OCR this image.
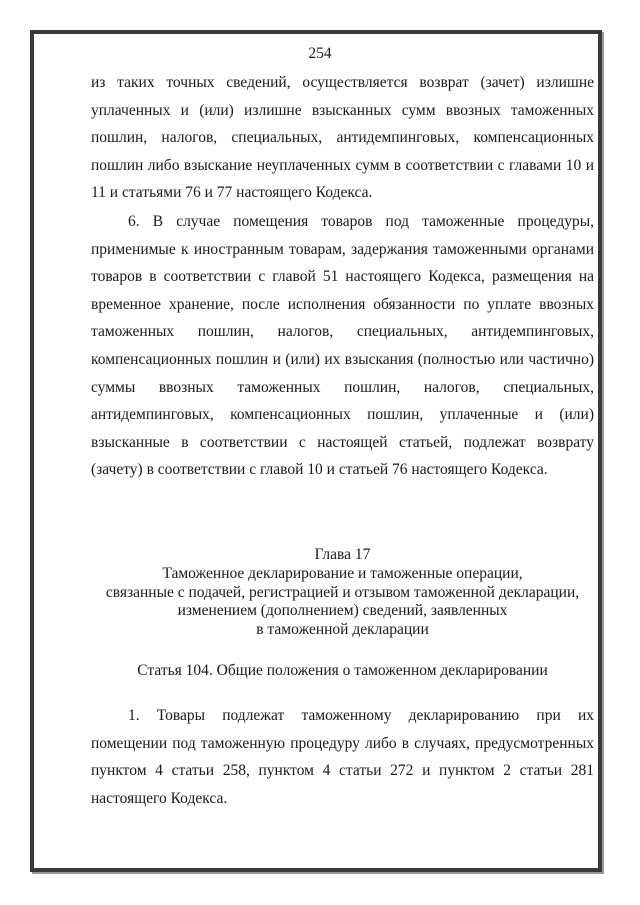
254

из таких точных сведений, осуществляется возврат (зачет) излишне уплаченных и (или) излишне взысканных сумм ввозных таможенных пошлин, налогов, специальных, антидемпинговых, компенсационных пошлин либо взыскание неуплаченных сумм в соответствии с главами 10 и 11 и статьями 76 и 77 настоящего Кодекса.

6. В случае помещения товаров под таможенные процедуры, применимые к иностранным товарам, задержания таможенными органами товаров в соответствии с главой 51 настоящего Кодекса, размещения на временное хранение, после исполнения обязанности по уплате ввозных таможенных пошлин, налогов, специальных, антидемпинговых, компенсационных пошлин и (или) их взыскания (полностью или частично) суммы ввозных таможенных пошлин, налогов, специальных, антидемпинговых, компенсационных пошлин, уплаченные и (или) взысканные в соответствии с настоящей статьей, подлежат возврату (зачету) в соответствии с главой 10 и статьей 76 настоящего Кодекса.

Глава 17
Таможенное декларирование и таможенные операции,
связанные с подачей, регистрацией и отзывом таможенной декларации,
изменением (дополнением) сведений, заявленных
в таможенной декларации
Статья 104. Общие положения о таможенном декларировании

1. Товары подлежат таможенному декларированию при их помещении под таможенную процедуру либо в случаях, предусмотренных пунктом 4 статьи 258, пунктом 4 статьи 272 и пунктом 2 статьи 281 настоящего Кодекса.
